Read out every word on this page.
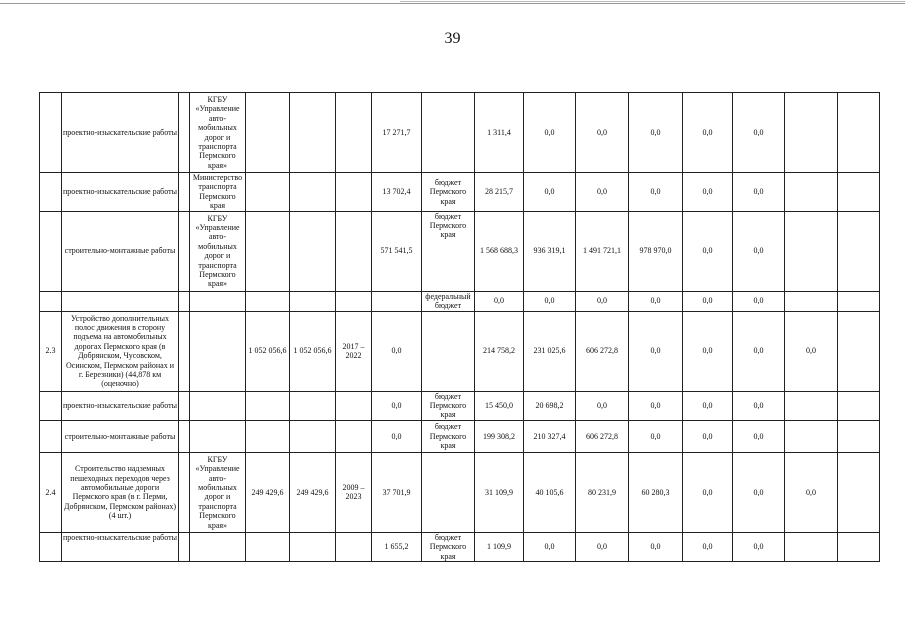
39
	проектно-изыскательские работы		КГБУ «Управление авто- мобильных дорог и транспорта Пермского края»				17 271,7		1 311,4	0,0	0,0	0,0	0,0	0,0		
	проектно-изыскательские работы		Министерство транспорта Пермского края				13 702,4	бюджет Пермского края	28 215,7	0,0	0,0	0,0	0,0	0,0		
	строительно-монтажные работы		КГБУ «Управление авто- мобильных дорог и транспорта Пермского края»				571 541,5	бюджет Пермского края	1 568 688,3	936 319,1	1 491 721,1	978 970,0	0,0	0,0		
								федеральный бюджет	0,0	0,0	0,0	0,0	0,0	0,0		
2.3	Устройство дополнительных полос движения в сторону подъема на автомобильных дорогах Пермского края (в Добрянском, Чусовском, Осинском, Пермском районах и г. Березники) (44,878 км (оценочно)			1 052 056,6	1 052 056,6	2017 – 2022	0,0		214 758,2	231 025,6	606 272,8	0,0	0,0	0,0	0,0	
	проектно-изыскательские работы						0,0	бюджет Пермского края	15 450,0	20 698,2	0,0	0,0	0,0	0,0		
	строительно-монтажные работы						0,0	бюджет Пермского края	199 308,2	210 327,4	606 272,8	0,0	0,0	0,0		
2.4	Строительство надземных пешеходных переходов через автомобильные дороги Пермского края (в г. Перми, Добрянском, Пермском районах) (4 шт.)		КГБУ «Управление авто- мобильных дорог и транспорта Пермского края»	249 429,6	249 429,6	2009 – 2023	37 701,9		31 109,9	40 105,6	80 231,9	60 280,3	0,0	0,0	0,0	
	проектно-изыскательские работы						1 655,2	бюджет Пермского края	1 109,9	0,0	0,0	0,0	0,0	0,0		
